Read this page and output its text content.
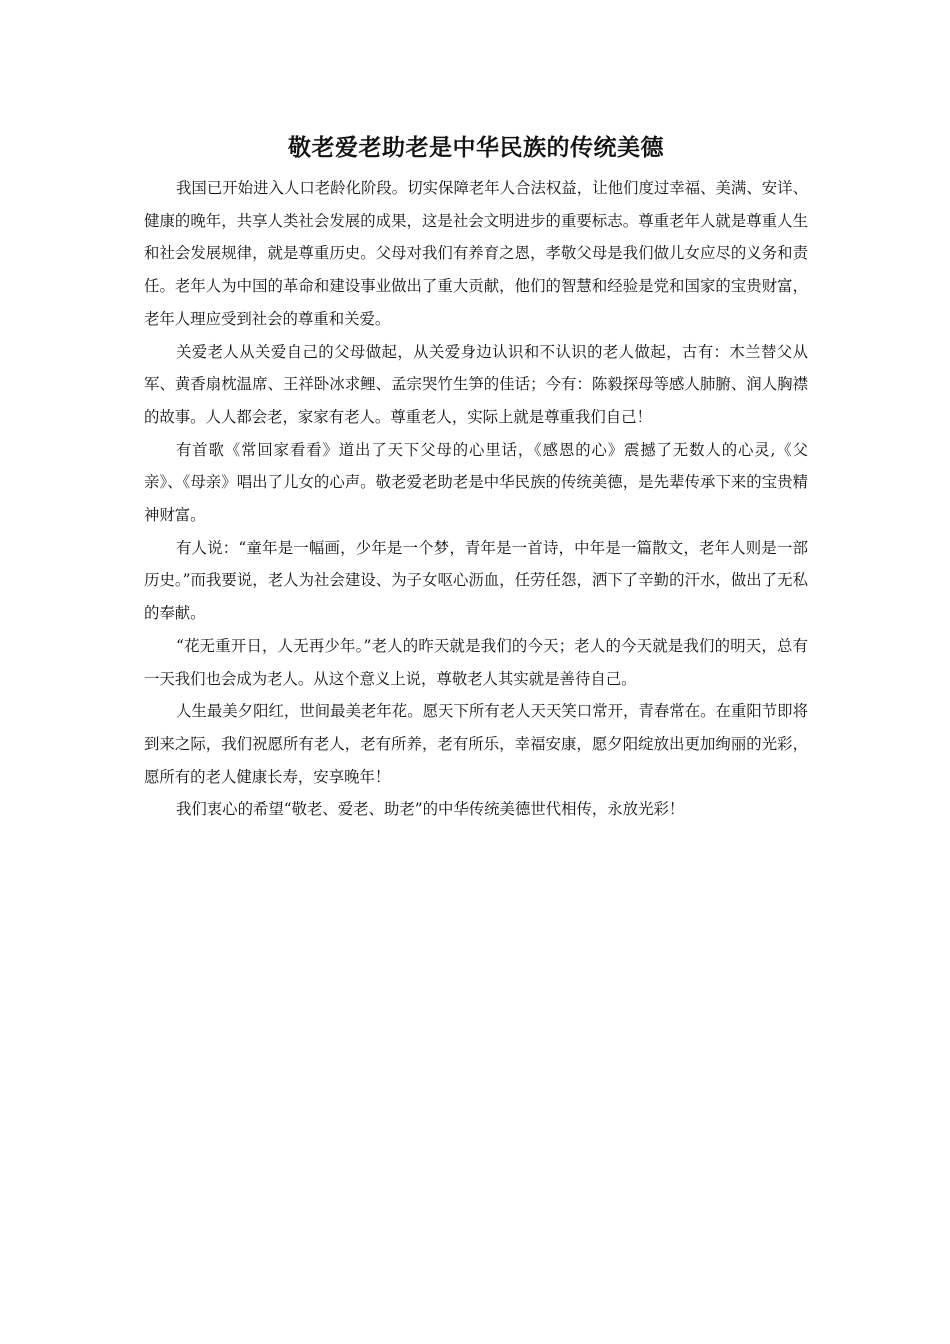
敬老爱老助老是中华民族的传统美德

我国已开始进入人口老龄化阶段。切实保障老年人合法权益，让他们度过幸福、美满、安详、健康的晚年，共享人类社会发展的成果，这是社会文明进步的重要标志。尊重老年人就是尊重人生和社会发展规律，就是尊重历史。父母对我们有养育之恩，孝敬父母是我们做儿女应尽的义务和责任。老年人为中国的革命和建设事业做出了重大贡献，他们的智慧和经验是党和国家的宝贵财富，老年人理应受到社会的尊重和关爱。

关爱老人从关爱自己的父母做起，从关爱身边认识和不认识的老人做起，古有：木兰替父从军、黄香扇枕温席、王祥卧冰求鲤、孟宗哭竹生笋的佳话；今有：陈毅探母等感人肺腑、润人胸襟的故事。人人都会老，家家有老人。尊重老人，实际上就是尊重我们自己！

有首歌《常回家看看》道出了天下父母的心里话，《感恩的心》震撼了无数人的心灵,《父亲》、《母亲》唱出了儿女的心声。敬老爱老助老是中华民族的传统美德，是先辈传承下来的宝贵精神财富。

有人说：“童年是一幅画，少年是一个梦，青年是一首诗，中年是一篇散文，老年人则是一部历史。”而我要说，老人为社会建设、为子女呕心沥血，任劳任怨，洒下了辛勤的汗水，做出了无私的奉献。

“花无重开日，人无再少年。”老人的昨天就是我们的今天；老人的今天就是我们的明天，总有一天我们也会成为老人。从这个意义上说，尊敬老人其实就是善待自己。

人生最美夕阳红，世间最美老年花。愿天下所有老人天天笑口常开，青春常在。在重阳节即将到来之际，我们祝愿所有老人，老有所养，老有所乐，幸福安康，愿夕阳绽放出更加绚丽的光彩，愿所有的老人健康长寿，安享晚年！

我们衷心的希望“敬老、爱老、助老”的中华传统美德世代相传，永放光彩！
